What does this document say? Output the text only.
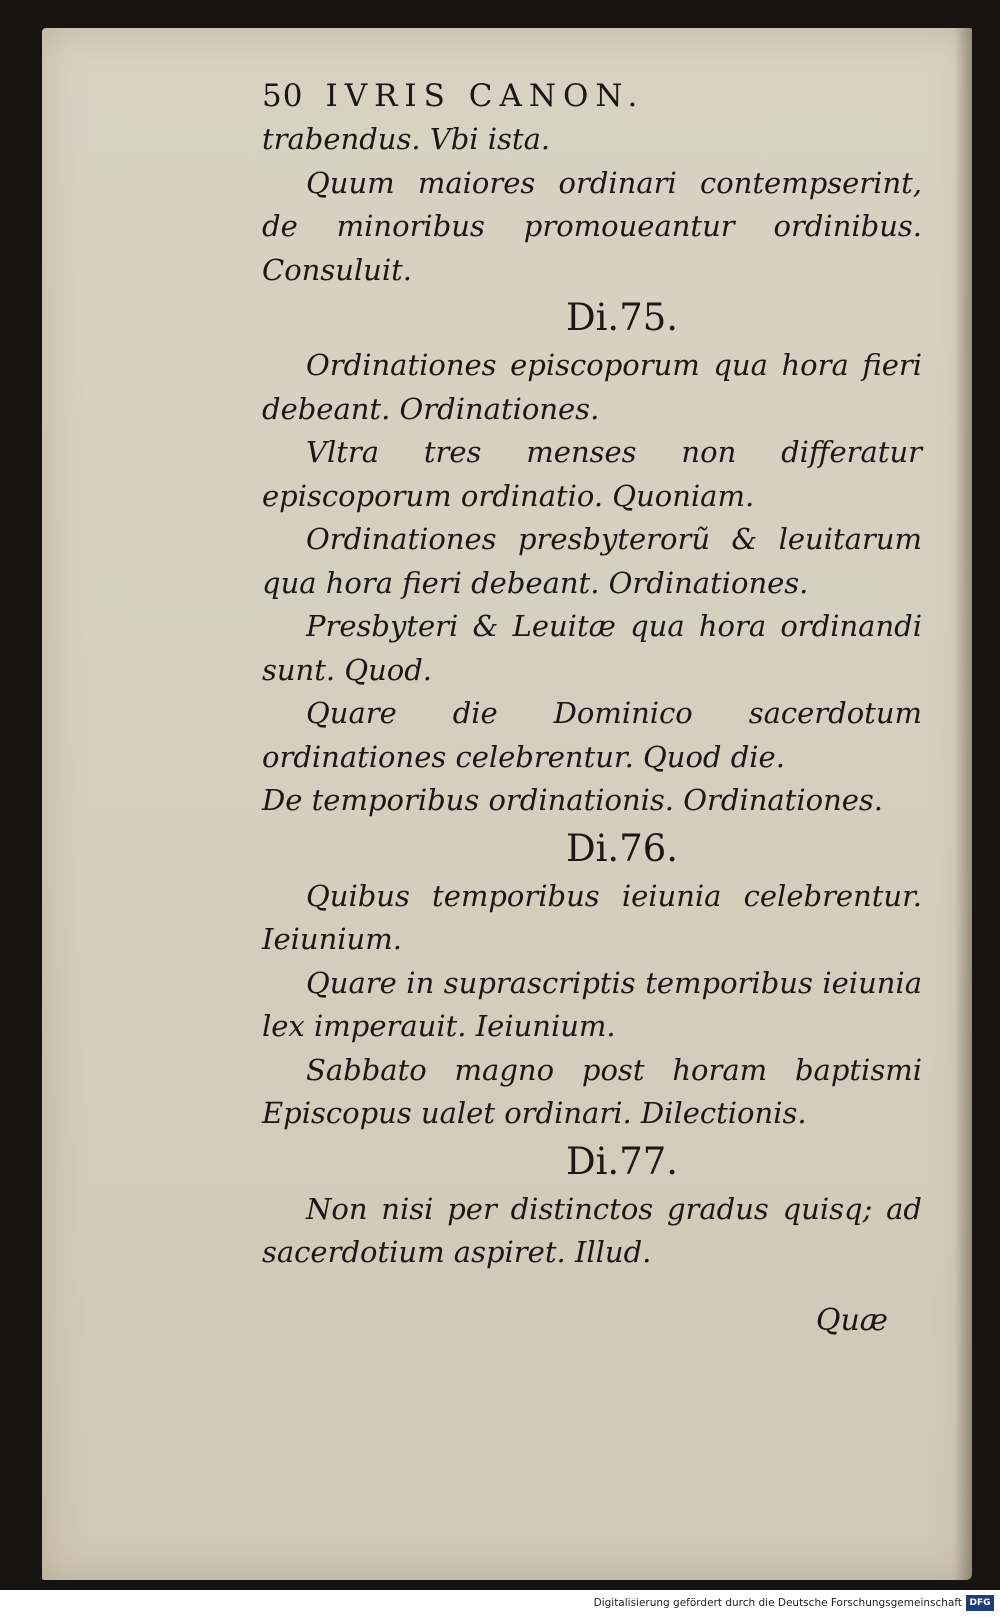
50 IVRIS CANON.

trabendus. Vbi ista.

Quum maiores ordinari contempserint, de minoribus promoueantur ordinibus. Consuluit.

Di.75.

Ordinationes episcoporum qua hora fieri debeant. Ordinationes.

Vltra tres menses non differatur episcoporum ordinatio. Quoniam.

Ordinationes presbyterorũ & leuitarum qua hora fieri debeant. Ordinationes.

Presbyteri & Leuitæ qua hora ordinandi sunt. Quod.

Quare die Dominico sacerdotum ordinationes celebrentur. Quod die.

De temporibus ordinationis. Ordinationes.

Di.76.

Quibus temporibus ieiunia celebrentur. Ieiunium.

Quare in suprascriptis temporibus ieiunia lex imperauit. Ieiunium.

Sabbato magno post horam baptismi Episcopus ualet ordinari. Dilectionis.

Di.77.

Non nisi per distinctos gradus quisq; ad sacerdotium aspiret. Illud.

Quæ
Digitalisierung gefördert durch die Deutsche Forschungsgemeinschaft DFG
